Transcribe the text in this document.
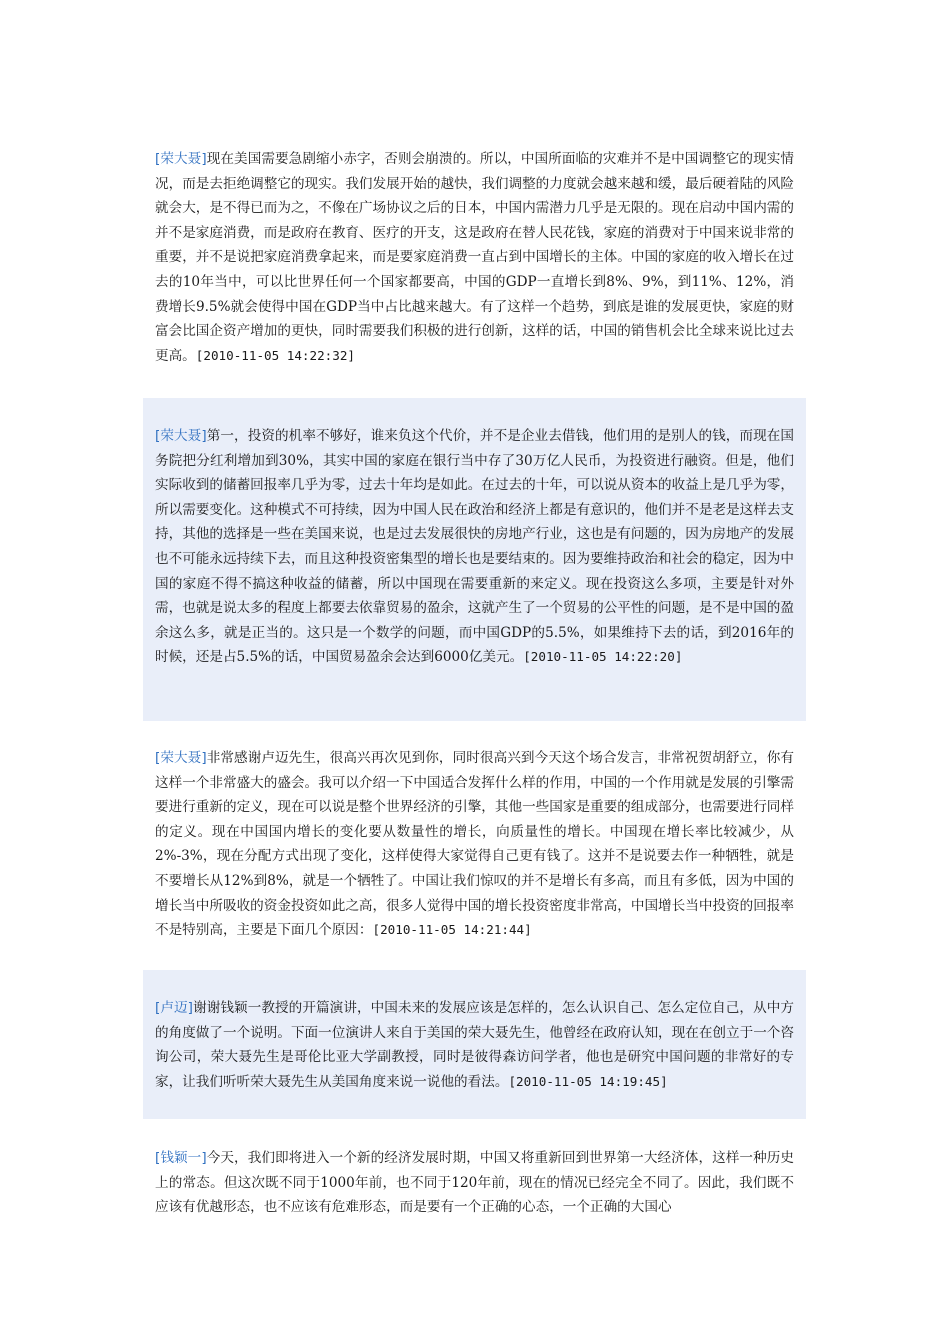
[荣大聂]现在美国需要急剧缩小赤字，否则会崩溃的。所以，中国所面临的灾难并不是中国调整它的现实情况，而是去拒绝调整它的现实。我们发展开始的越快，我们调整的力度就会越来越和缓，最后硬着陆的风险就会大，是不得已而为之，不像在广场协议之后的日本，中国内需潜力几乎是无限的。现在启动中国内需的并不是家庭消费，而是政府在教育、医疗的开支，这是政府在替人民花钱，家庭的消费对于中国来说非常的重要，并不是说把家庭消费拿起来，而是要家庭消费一直占到中国增长的主体。中国的家庭的收入增长在过去的10年当中，可以比世界任何一个国家都要高，中国的GDP一直增长到8%、9%，到11%、12%，消费增长9.5%就会使得中国在GDP当中占比越来越大。有了这样一个趋势，到底是谁的发展更快，家庭的财富会比国企资产增加的更快，同时需要我们积极的进行创新，这样的话，中国的销售机会比全球来说比过去更高。[2010-11-05 14:22:32]
[荣大聂]第一，投资的机率不够好，谁来负这个代价，并不是企业去借钱，他们用的是别人的钱，而现在国务院把分红利增加到30%，其实中国的家庭在银行当中存了30万亿人民币，为投资进行融资。但是，他们实际收到的储蓄回报率几乎为零，过去十年均是如此。在过去的十年，可以说从资本的收益上是几乎为零，所以需要变化。这种模式不可持续，因为中国人民在政治和经济上都是有意识的，他们并不是老是这样去支持，其他的选择是一些在美国来说，也是过去发展很快的房地产行业，这也是有问题的，因为房地产的发展也不可能永远持续下去，而且这种投资密集型的增长也是要结束的。因为要维持政治和社会的稳定，因为中国的家庭不得不搞这种收益的储蓄，所以中国现在需要重新的来定义。现在投资这么多项，主要是针对外需，也就是说太多的程度上都要去依靠贸易的盈余，这就产生了一个贸易的公平性的问题，是不是中国的盈余这么多，就是正当的。这只是一个数学的问题，而中国GDP的5.5%，如果维持下去的话，到2016年的时候，还是占5.5%的话，中国贸易盈余会达到6000亿美元。[2010-11-05 14:22:20]
[荣大聂]非常感谢卢迈先生，很高兴再次见到你，同时很高兴到今天这个场合发言，非常祝贺胡舒立，你有这样一个非常盛大的盛会。我可以介绍一下中国适合发挥什么样的作用，中国的一个作用就是发展的引擎需要进行重新的定义，现在可以说是整个世界经济的引擎，其他一些国家是重要的组成部分，也需要进行同样的定义。现在中国国内增长的变化要从数量性的增长，向质量性的增长。中国现在增长率比较减少，从2%-3%，现在分配方式出现了变化，这样使得大家觉得自己更有钱了。这并不是说要去作一种牺牲，就是不要增长从12%到8%，就是一个牺牲了。中国让我们惊叹的并不是增长有多高，而且有多低，因为中国的增长当中所吸收的资金投资如此之高，很多人觉得中国的增长投资密度非常高，中国增长当中投资的回报率不是特别高，主要是下面几个原因：[2010-11-05 14:21:44]
[卢迈]谢谢钱颖一教授的开篇演讲，中国未来的发展应该是怎样的，怎么认识自己、怎么定位自己，从中方的角度做了一个说明。下面一位演讲人来自于美国的荣大聂先生，他曾经在政府认知，现在在创立于一个咨询公司，荣大聂先生是哥伦比亚大学副教授，同时是彼得森访问学者，他也是研究中国问题的非常好的专家，让我们听听荣大聂先生从美国角度来说一说他的看法。[2010-11-05 14:19:45]
[钱颖一]今天，我们即将进入一个新的经济发展时期，中国又将重新回到世界第一大经济体，这样一种历史上的常态。但这次既不同于1000年前，也不同于120年前，现在的情况已经完全不同了。因此，我们既不应该有优越形态，也不应该有危难形态，而是要有一个正确的心态，一个正确的大国心
